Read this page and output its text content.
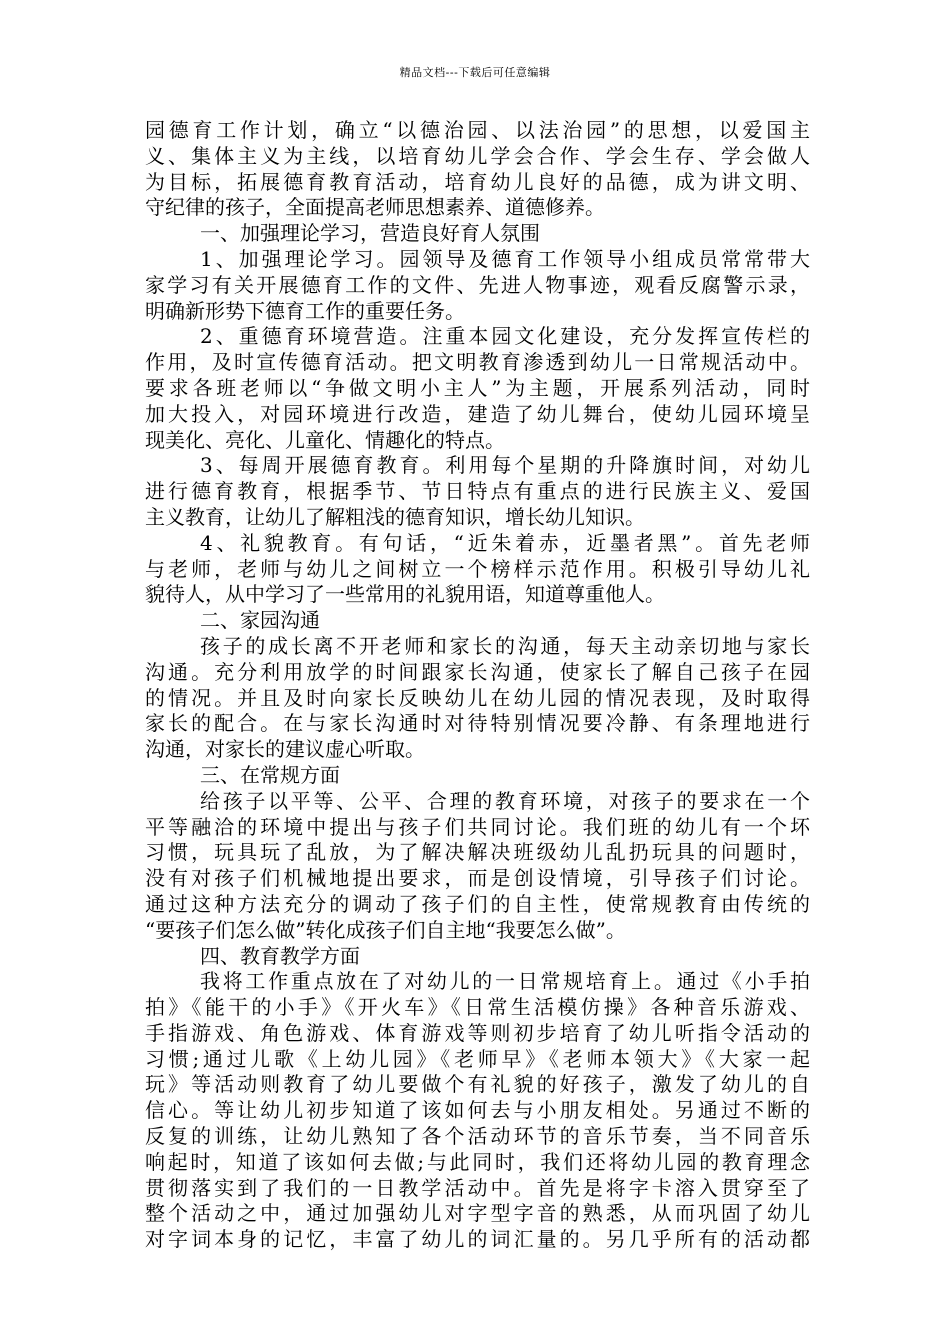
精品文档---下载后可任意编辑
园德育工作计划，确立“以德治园、以法治园”的思想，以爱国主
义、集体主义为主线，以培育幼儿学会合作、学会生存、学会做人
为目标，拓展德育教育活动，培育幼儿良好的品德，成为讲文明、
守纪律的孩子，全面提高老师思想素养、道德修养。
一、加强理论学习，营造良好育人氛围
1、加强理论学习。园领导及德育工作领导小组成员常常带大
家学习有关开展德育工作的文件、先进人物事迹，观看反腐警示录，
明确新形势下德育工作的重要任务。
2、重德育环境营造。注重本园文化建设，充分发挥宣传栏的
作用，及时宣传德育活动。把文明教育渗透到幼儿一日常规活动中。
要求各班老师以“争做文明小主人”为主题，开展系列活动，同时
加大投入，对园环境进行改造，建造了幼儿舞台，使幼儿园环境呈
现美化、亮化、儿童化、情趣化的特点。
3、每周开展德育教育。利用每个星期的升降旗时间，对幼儿
进行德育教育，根据季节、节日特点有重点的进行民族主义、爱国
主义教育，让幼儿了解粗浅的德育知识，增长幼儿知识。
4、礼貌教育。有句话，“近朱着赤，近墨者黑”。首先老师
与老师，老师与幼儿之间树立一个榜样示范作用。积极引导幼儿礼
貌待人，从中学习了一些常用的礼貌用语，知道尊重他人。
二、家园沟通
孩子的成长离不开老师和家长的沟通，每天主动亲切地与家长
沟通。充分利用放学的时间跟家长沟通，使家长了解自己孩子在园
的情况。并且及时向家长反映幼儿在幼儿园的情况表现，及时取得
家长的配合。在与家长沟通时对待特别情况要冷静、有条理地进行
沟通，对家长的建议虚心听取。
三、在常规方面
给孩子以平等、公平、合理的教育环境，对孩子的要求在一个
平等融洽的环境中提出与孩子们共同讨论。我们班的幼儿有一个坏
习惯，玩具玩了乱放，为了解决解决班级幼儿乱扔玩具的问题时，
没有对孩子们机械地提出要求，而是创设情境，引导孩子们讨论。
通过这种方法充分的调动了孩子们的自主性，使常规教育由传统的
“要孩子们怎么做”转化成孩子们自主地“我要怎么做”。
四、教育教学方面
我将工作重点放在了对幼儿的一日常规培育上。通过《小手拍
拍》《能干的小手》《开火车》《日常生活模仿操》各种音乐游戏、
手指游戏、角色游戏、体育游戏等则初步培育了幼儿听指令活动的
习惯;通过儿歌《上幼儿园》《老师早》《老师本领大》《大家一起
玩》等活动则教育了幼儿要做个有礼貌的好孩子，激发了幼儿的自
信心。等让幼儿初步知道了该如何去与小朋友相处。另通过不断的
反复的训练，让幼儿熟知了各个活动环节的音乐节奏，当不同音乐
响起时，知道了该如何去做;与此同时，我们还将幼儿园的教育理念
贯彻落实到了我们的一日教学活动中。首先是将字卡溶入贯穿至了
整个活动之中，通过加强幼儿对字型字音的熟悉，从而巩固了幼儿
对字词本身的记忆，丰富了幼儿的词汇量的。另几乎所有的活动都
